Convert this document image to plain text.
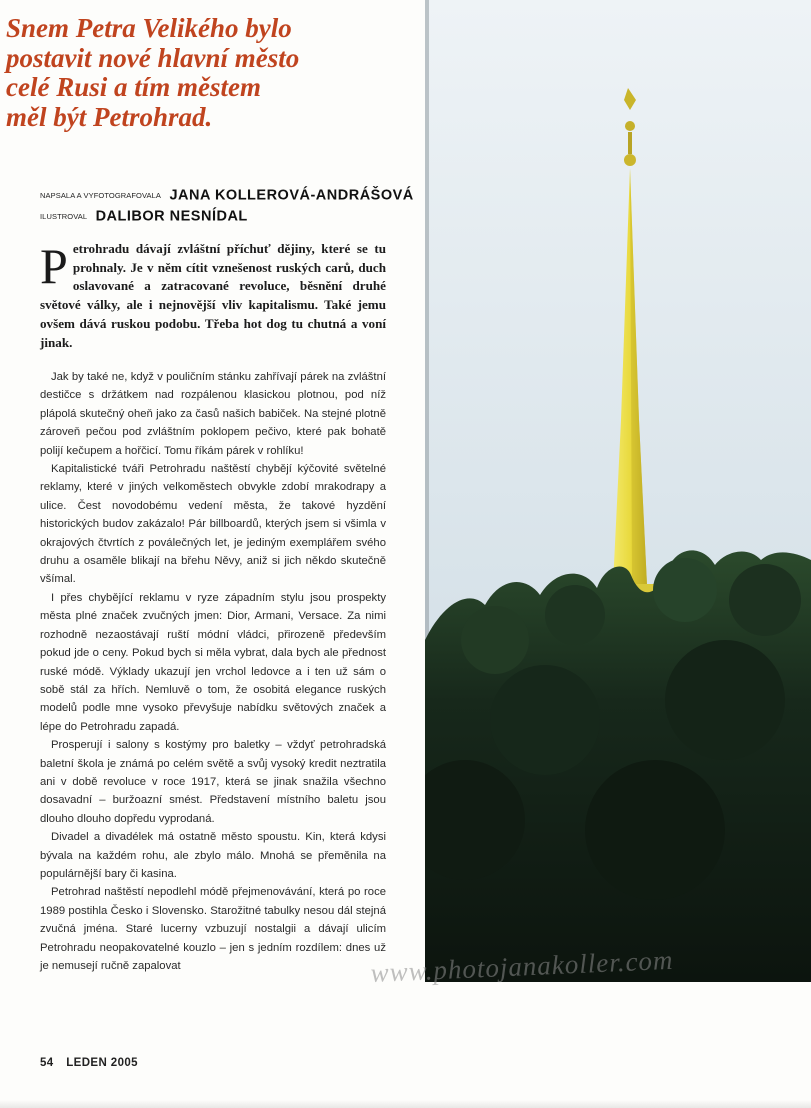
Snem Petra Velikého bylo
postavit nové hlavní město
celé Rusi a tím městem
měl být Petrohrad.
NAPSALA A VYFOTOGRAFOVALA JANA KOLLEROVÁ-ANDRÁŠOVÁ
ILUSTROVAL DALIBOR NESNÍDAL

Petrohradu dávají zvláštní příchuť dějiny, které se tu prohnaly. Je v něm cítit vznešenost ruských carů, duch oslavované a zatracované revoluce, běsnění druhé světové války, ale i nejnovější vliv kapitalismu. Také jemu ovšem dává ruskou podobu. Třeba hot dog tu chutná a voní jinak.

Jak by také ne, když v pouličním stánku zahřívají párek na zvláštní destičce s držátkem nad rozpálenou klasickou plotnou, pod níž plápolá skutečný oheň jako za časů našich babiček. Na stejné plotně zároveň pečou pod zvláštním poklopem pečivo, které pak bohatě polijí kečupem a hořčicí. Tomu říkám párek v rohlíku!

Kapitalistické tváři Petrohradu naštěstí chybějí kýčovité světelné reklamy, které v jiných velkoměstech obvykle zdobí mrakodrapy a ulice. Čest novodobému vedení města, že takové hyzdění historických budov zakázalo! Pár billboardů, kterých jsem si všimla v okrajových čtvrtích z poválečných let, je jediným exemplářem svého druhu a osaměle blikají na břehu Něvy, aniž si jich někdo skutečně všímal.

I přes chybějící reklamu v ryze západním stylu jsou prospekty města plné značek zvučných jmen: Dior, Armani, Versace. Za nimi rozhodně nezaostávají ruští módní vládci, přirozeně především pokud jde o ceny. Pokud bych si měla vybrat, dala bych ale přednost ruské módě. Výklady ukazují jen vrchol ledovce a i ten už sám o sobě stál za hřích. Nemluvě o tom, že osobitá elegance ruských modelů podle mne vysoko převyšuje nabídku světových značek a lépe do Petrohradu zapadá.

Prosperují i salony s kostýmy pro baletky – vždyť petrohradská baletní škola je známá po celém světě a svůj vysoký kredit neztratila ani v době revoluce v roce 1917, která se jinak snažila všechno dosavadní – buržoazní smést. Představení místního baletu jsou dlouho dlouho dopředu vyprodaná.

Divadel a divadélek má ostatně město spoustu. Kin, která kdysi bývala na každém rohu, ale zbylo málo. Mnohá se přeměnila na populárnější bary či kasina.

Petrohrad naštěstí nepodlehl módě přejmenovávání, která po roce 1989 postihla Česko i Slovensko. Starožitné tabulky nesou dál stejná zvučná jména. Staré lucerny vzbuzují nostalgii a dávají ulicím Petrohradu neopakovatelné kouzlo – jen s jedním rozdílem: dnes už je nemusejí ručně zapalovat	www.photojanakoller.com
54 LEDEN 2005
